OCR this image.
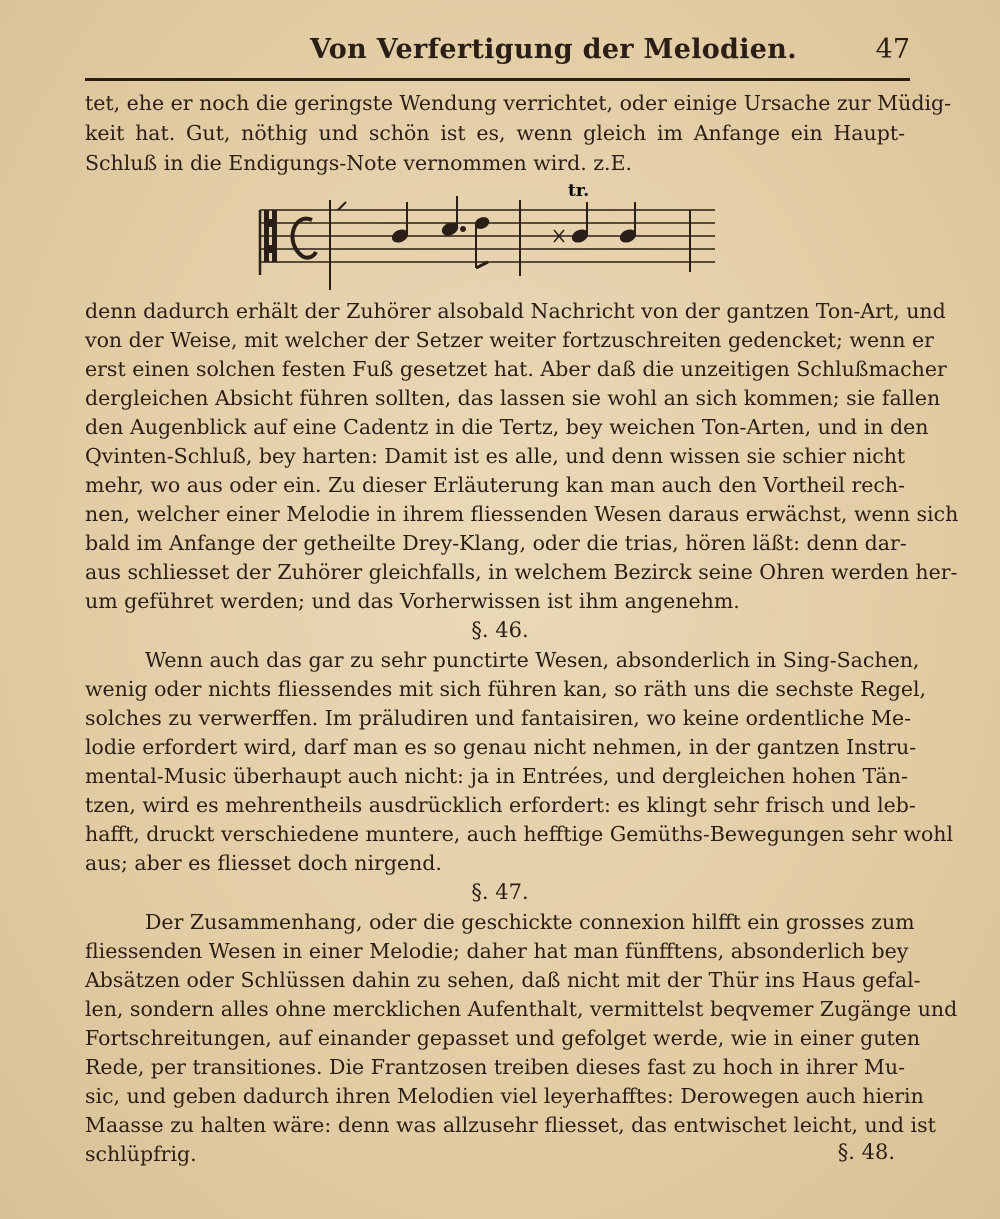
Von Verfertigung der Melodien.	47
tet, ehe er noch die geringste Wendung verrichtet, oder einige Ursache zur Müdig-
keit hat. Gut, nöthig und schön ist es, wenn gleich im Anfange ein Haupt-
Schluß in die Endigungs-Note vernommen wird. z.E.
tr.
denn dadurch erhält der Zuhörer alsobald Nachricht von der gantzen Ton-Art, und
von der Weise, mit welcher der Setzer weiter fortzuschreiten gedencket; wenn er
erst einen solchen festen Fuß gesetzet hat. Aber daß die unzeitigen Schlußmacher
dergleichen Absicht führen sollten, das lassen sie wohl an sich kommen; sie fallen
den Augenblick auf eine Cadentz in die Tertz, bey weichen Ton-Arten, und in den
Qvinten-Schluß, bey harten: Damit ist es alle, und denn wissen sie schier nicht
mehr, wo aus oder ein. Zu dieser Erläuterung kan man auch den Vortheil rech-
nen, welcher einer Melodie in ihrem fliessenden Wesen daraus erwächst, wenn sich
bald im Anfange der getheilte Drey-Klang, oder die trias, hören läßt: denn dar-
aus schliesset der Zuhörer gleichfalls, in welchem Bezirck seine Ohren werden her-
um geführet werden; und das Vorherwissen ist ihm angenehm.
§. 46.
Wenn auch das gar zu sehr punctirte Wesen, absonderlich in Sing-Sachen,
wenig oder nichts fliessendes mit sich führen kan, so räth uns die sechste Regel,
solches zu verwerffen. Im präludiren und fantaisiren, wo keine ordentliche Me-
lodie erfordert wird, darf man es so genau nicht nehmen, in der gantzen Instru-
mental-Music überhaupt auch nicht: ja in Entrées, und dergleichen hohen Tän-
tzen, wird es mehrentheils ausdrücklich erfordert: es klingt sehr frisch und leb-
hafft, druckt verschiedene muntere, auch hefftige Gemüths-Bewegungen sehr wohl
aus; aber es fliesset doch nirgend.
§. 47.
Der Zusammenhang, oder die geschickte connexion hilfft ein grosses zum
fliessenden Wesen in einer Melodie; daher hat man fünfftens, absonderlich bey
Absätzen oder Schlüssen dahin zu sehen, daß nicht mit der Thür ins Haus gefal-
len, sondern alles ohne mercklichen Aufenthalt, vermittelst beqvemer Zugänge und
Fortschreitungen, auf einander gepasset und gefolget werde, wie in einer guten
Rede, per transitiones. Die Frantzosen treiben dieses fast zu hoch in ihrer Mu-
sic, und geben dadurch ihren Melodien viel leyerhafftes: Derowegen auch hierin
Maasse zu halten wäre: denn was allzusehr fliesset, das entwischet leicht, und ist
schlüpfrig.	§. 48.
